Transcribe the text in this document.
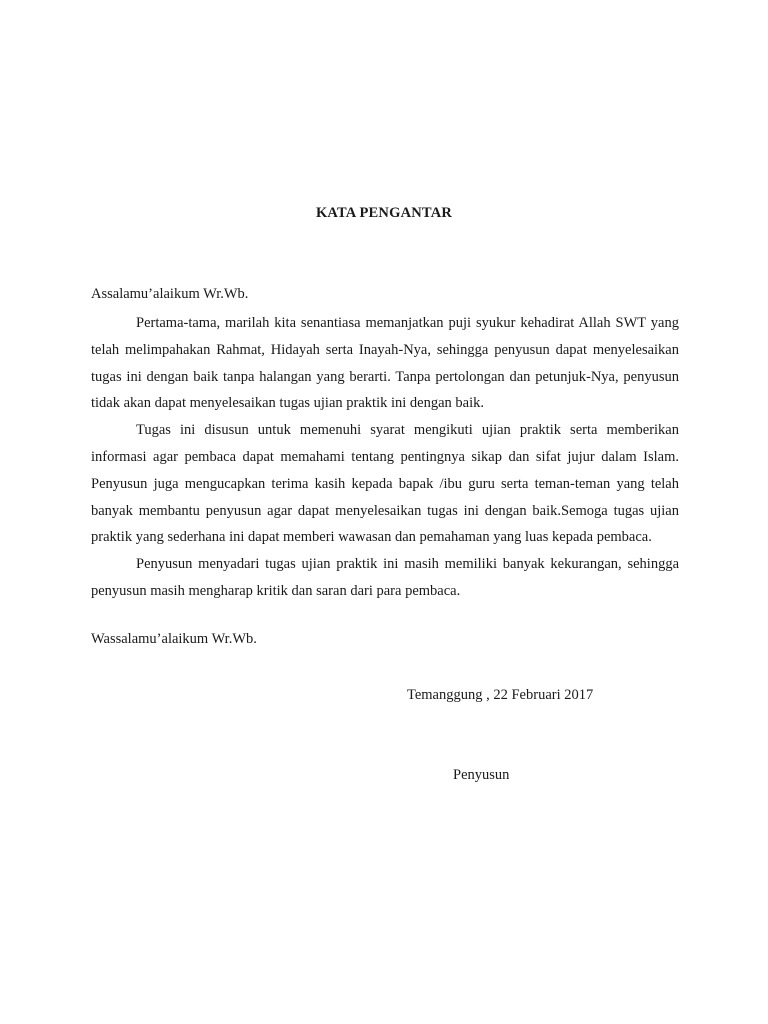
KATA PENGANTAR
Assalamu’alaikum Wr.Wb.

Pertama-tama, marilah kita senantiasa memanjatkan puji syukur kehadirat Allah SWT yang telah melimpahakan Rahmat, Hidayah serta Inayah-Nya, sehingga penyusun dapat menyelesaikan tugas ini dengan baik tanpa halangan yang berarti. Tanpa pertolongan dan petunjuk-Nya, penyusun tidak akan dapat menyelesaikan tugas ujian praktik ini dengan baik.

Tugas ini disusun untuk memenuhi syarat mengikuti ujian praktik serta memberikan informasi agar pembaca dapat memahami tentang pentingnya sikap dan sifat jujur dalam Islam. Penyusun juga mengucapkan terima kasih kepada bapak /ibu guru serta teman-teman yang telah banyak membantu penyusun agar dapat menyelesaikan tugas ini dengan baik.Semoga tugas ujian praktik yang sederhana ini dapat memberi wawasan dan pemahaman yang luas kepada pembaca.

Penyusun menyadari tugas ujian praktik ini masih memiliki banyak kekurangan, sehingga penyusun masih mengharap kritik dan saran dari para pembaca.

Wassalamu’alaikum Wr.Wb.
Temanggung , 22 Februari 2017
Penyusun
